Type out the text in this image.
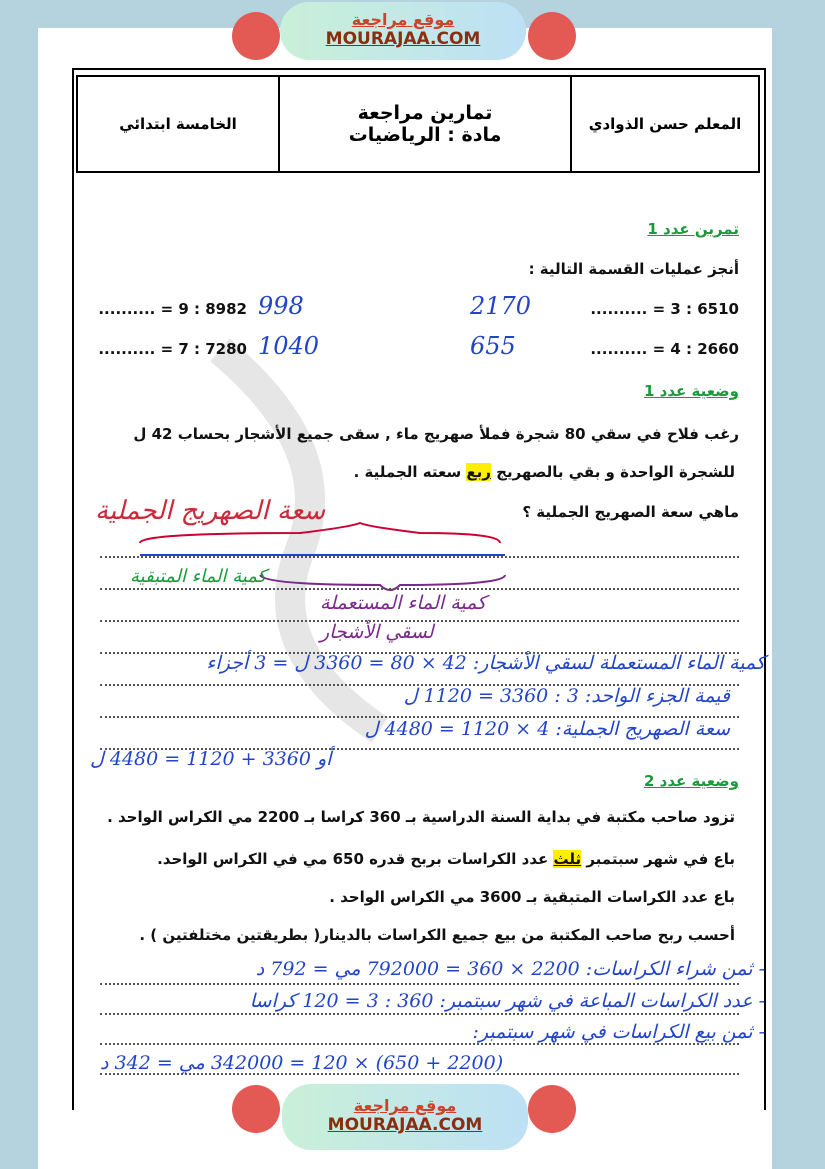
موقع مراجعة
MOURAJAA.COM
المعلم حسن الذوادي
تمارين مراجعة
مادة : الرياضيات
الخامسة ابتدائي
تمرين عدد 1
أنجز عمليات القسمة التالية :
6510 : 3 = ..........
2170
8982 : 9 = .......... 998
2660 : 4 = ..........
655
7280 : 7 = .......... 1040
وضعية عدد 1
رغب فلاح في سقي 80 شجرة فملأ صهريج ماء , سقى جميع الأشجار بحساب 42 ل
للشجرة الواحدة و بقي بالصهريج ربع سعته الجملية .
سعة الصهريج الجملية	ماهي سعة الصهريج الجملية ؟
كمية الماء المتبقية
كمية الماء المستعملة
لسقي الأشجار
كمية الماء المستعملة لسقي الأشجار: 42 × 80 = 3360 ل = 3 أجزاء
قيمة الجزء الواحد: 3 : 3360 = 1120 ل
سعة الصهريج الجملية: 4 × 1120 = 4480 ل
أو 3360 + 1120 = 4480 ل
وضعية عدد 2
تزود صاحب مكتبة في بداية السنة الدراسية بـ 360 كراسا بـ 2200 مي الكراس الواحد .
باع في شهر سبتمبر ثلث عدد الكراسات بربح قدره 650 مي في الكراس الواحد.
باع عدد الكراسات المتبقية بـ 3600 مي الكراس الواحد .
أحسب ربح صاحب المكتبة من بيع جميع الكراسات بالدينار( بطريقتين مختلفتين ) .
- ثمن شراء الكراسات: 2200 × 360 = 792000 مي = 792 د
- عدد الكراسات المباعة في شهر سبتمبر: 360 : 3 = 120 كراسا
- ثمن بيع الكراسات في شهر سبتمبر:
(2200 + 650) × 120 = 342000 مي = 342 د
موقع مراجعة
MOURAJAA.COM
